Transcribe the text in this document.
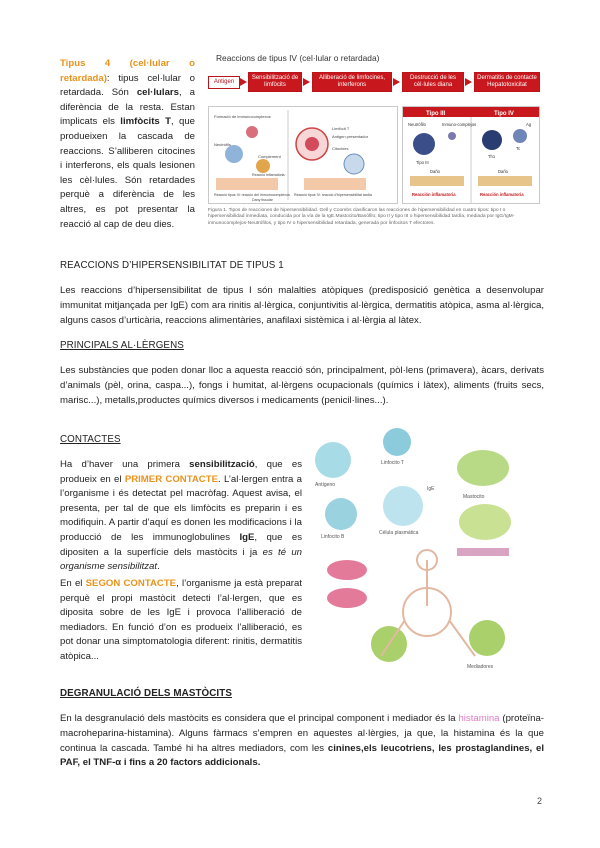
Tipus 4 (cel·lular o retardada): tipus cel·lular o retardada. Són cel·lulars, a diferència de la resta. Estan implicats els limfòcits T, que produeixen la cascada de reaccions. S’alliberen citocines i interferons, els quals lesionen les cèl·lules. Són retardades perquè a diferència de les altres, es pot presentar la reacció al cap de deu dies.
Reaccions de tipus IV (cel·lular o retardada)
Antigen
Sensibilització de limfòcits
Alliberació de limfocines, interferons
Destrucció de les cèl·lules diana
Dermatitis de contacte Hepatotoxicitat
Formació de immunocomplexos
Neutròfils
Reacció tipus III: reacció del immunocomplexos
Complement
Reacció inflamatòria
Dany tissular
Limfòcit T
Antigen presentador
Citocines
Reacció tipus IV: reacció d'hipersensibilitat tardia
Tipo III	Tipo IV
Neutrófilo	Inmuno-complejos
Tipo III
Th1
Tc
Ag
Daño	Daño
Reacción inflamatoria	Reacción inflamatoria
Figura 1. Tipos de reacciones de hipersensibilidad. Gell y Coombs clasificaron las reacciones de hipersensibilidad en cuatro tipos: tipo I o hipersensibilidad inmediata, conducida por la vía de la IgE.Mastocito/Basófilo; tipo II y tipo III o hipersensibilidad tardía, mediada por IgG/IgM-inmunocomplejos-Neutrófilos, y tipo IV o hipersensibilidad retardada, generada por linfocitos T efectores.
REACCIONS D’HIPERSENSIBILITAT DE TIPUS 1

Les reaccions d’hipersensibilitat de tipus I són malalties atòpiques (predisposició genètica a desenvolupar immunitat mitjançada per IgE) com ara rinitis al·lèrgica, conjuntivitis al·lèrgica, dermatitis atòpica, asma al·lèrgica, alguns casos d’urticària, reaccions alimentàries, anafilaxi sistèmica i al·lèrgia al làtex.

PRINCIPALS AL·LÈRGENS

Les substàncies que poden donar lloc a aquesta reacció són, principalment, pòl·lens (primavera), àcars, derivats d’animals (pèl, orina, caspa...), fongs i humitat, al·lèrgens ocupacionals (químics i làtex), aliments (fruits secs, marisc...), metalls,productes químics diversos i medicaments (penicil·lines...).

CONTACTES
Ha d’haver una primera sensibilització, que es produeix en el PRIMER CONTACTE. L’al·lergen entra a l’organisme i és detectat pel macròfag. Aquest avisa, el presenta, per tal de que els limfòcits es preparin i es modifiquin. A partir d’aquí es donen les modificacions i la producció de les immunoglobulines IgE, que es dipositen a la superfície dels mastòcits i ja es té un organisme sensibilitzat.
En el SEGON CONTACTE, l’organisme ja està preparat perquè el propi mastòcit detecti l’al·lergen, que es diposita sobre de les IgE i provoca l’alliberació de mediadors. En funció d’on es produeix l’alliberació, es pot donar una simptomatologia diferent: rinitis, dermatitis atòpica...
Antígeno
Linfocito T
Linfocito B
Célula plasmática
IgE
Mastocito
Mediadores
DEGRANULACIÓ DELS MASTÒCITS

En la desgranulació dels mastòcits es considera que el principal component i mediador és la histamina (proteïna- macroheparina-histamina). Alguns fàrmacs s’empren en aquestes al·lèrgies, ja que, la histamina és la que continua la cascada. També hi ha altres mediadors, com les cinines,els leucotriens, les prostaglandines, el PAF, el TNF-α i fins a 20 factors addicionals.

2
